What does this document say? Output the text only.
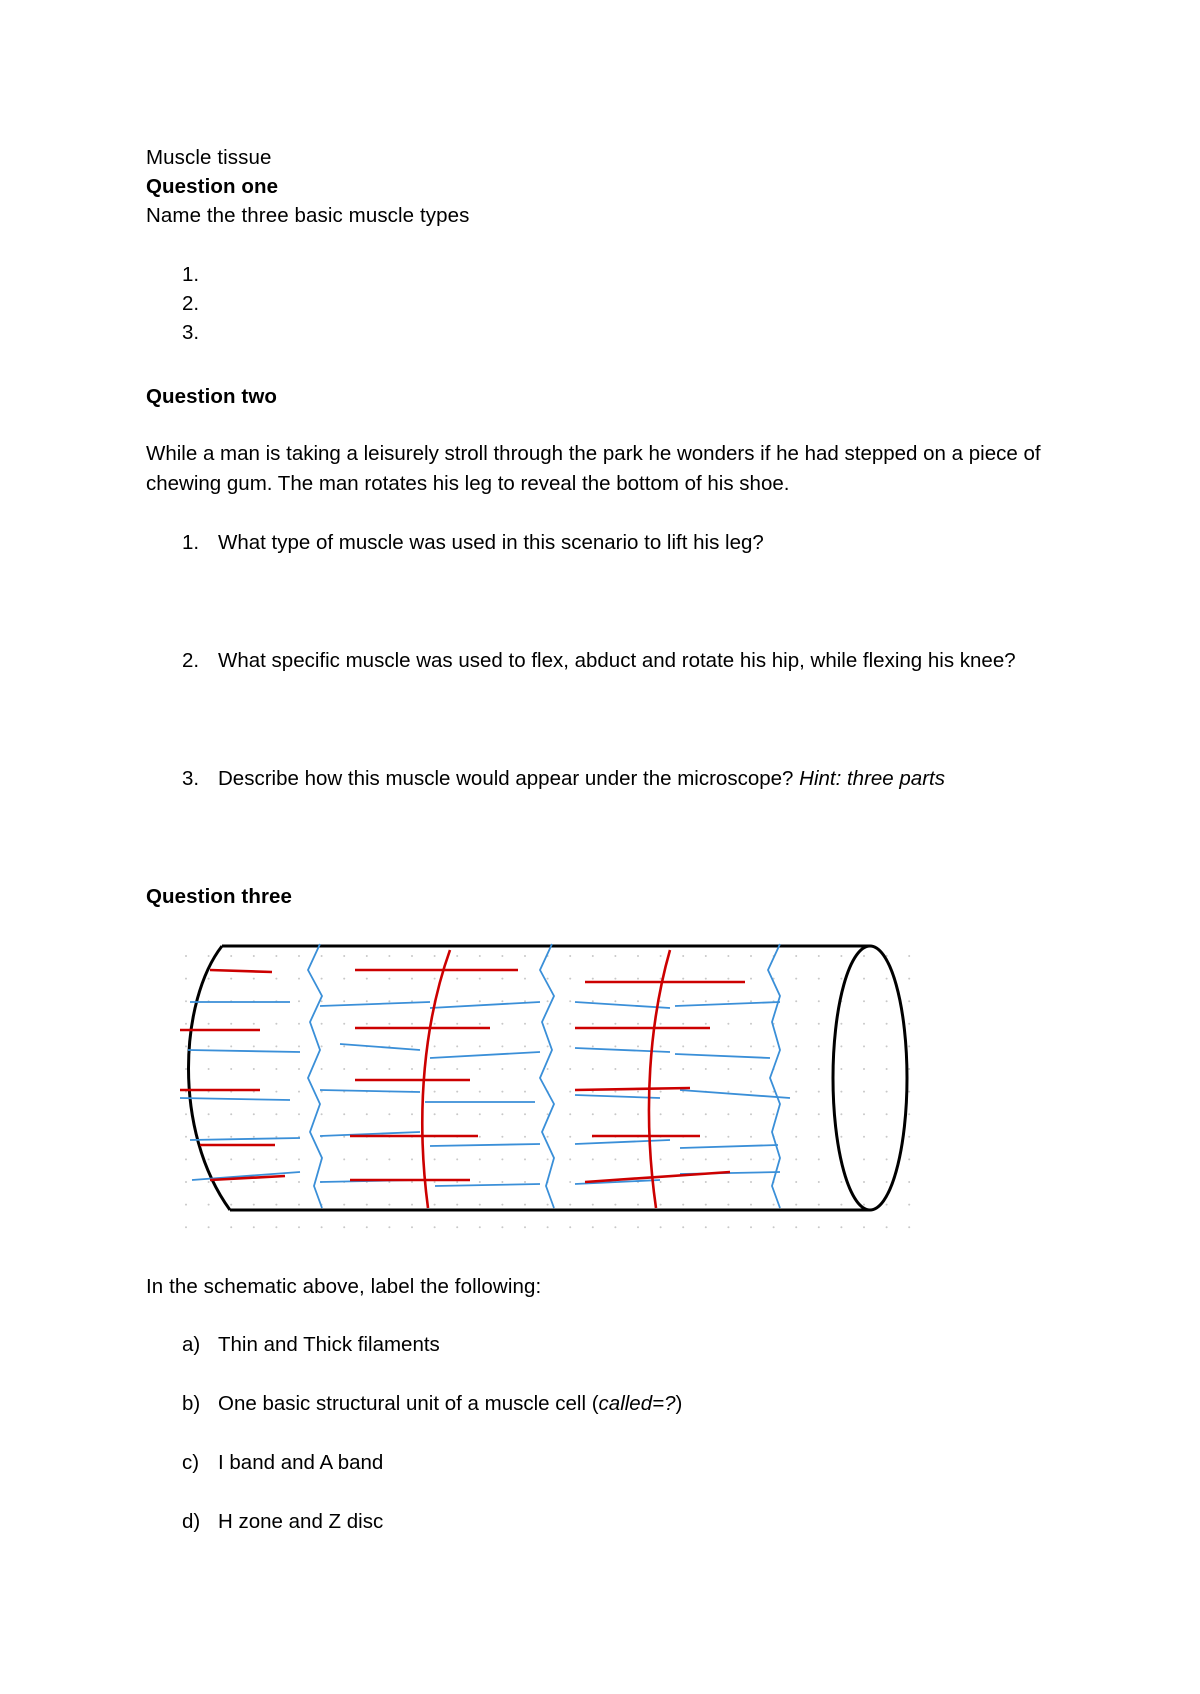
Muscle tissue
Question one
Name the three basic muscle types
1.
2.
3.
Question two
While a man is taking a leisurely stroll through the park he wonders if he had stepped on a piece of chewing gum. The man rotates his leg to reveal the bottom of his shoe.
1. What type of muscle was used in this scenario to lift his leg?
2. What specific muscle was used to flex, abduct and rotate his hip, while flexing his knee?
3. Describe how this muscle would appear under the microscope? Hint: three parts
Question three
In the schematic above, label the following:
a) Thin and Thick filaments
b) One basic structural unit of a muscle cell (called=?)
c) I band and A band
d) H zone and Z disc
